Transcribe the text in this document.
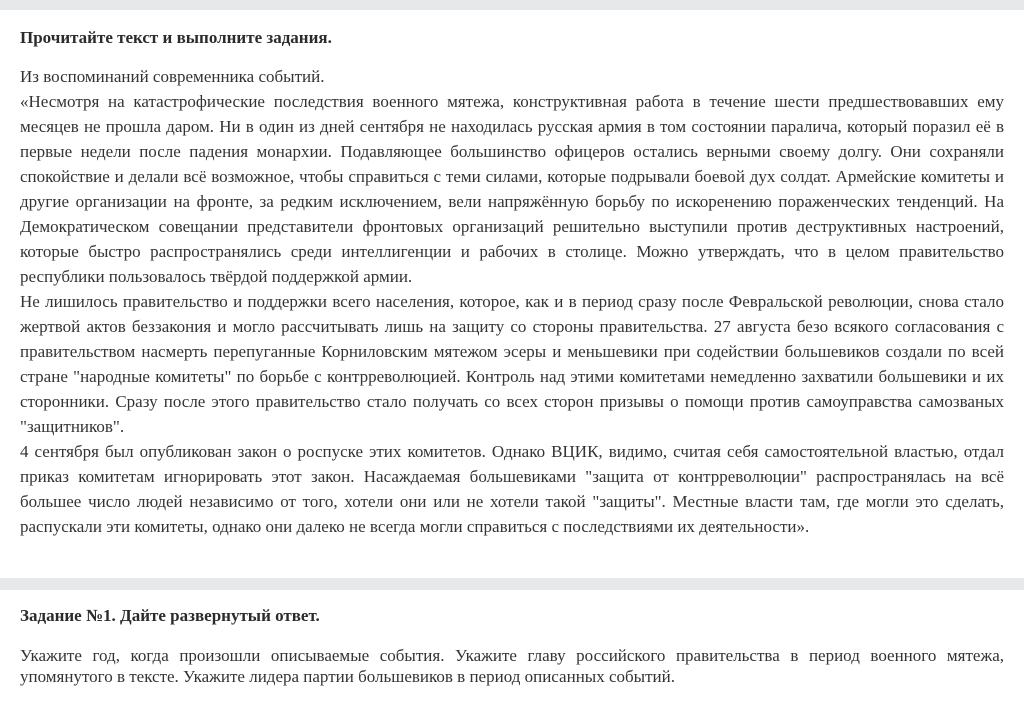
Прочитайте текст и выполните задания.

Из воспоминаний современника событий.

«Несмотря на катастрофические последствия военного мятежа, конструктивная работа в течение шести предшествовавших ему месяцев не прошла даром. Ни в один из дней сентября не находилась русская армия в том состоянии паралича, который поразил её в первые недели после падения монархии. Подавляющее большинство офицеров остались верными своему долгу. Они сохраняли спокойствие и делали всё возможное, чтобы справиться с теми силами, которые подрывали боевой дух солдат. Армейские комитеты и другие организации на фронте, за редким исключением, вели напряжённую борьбу по искоренению пораженческих тенденций. На Демократическом совещании представители фронтовых организаций решительно выступили против деструктивных настроений, которые быстро распространялись среди интеллигенции и рабочих в столице. Можно утверждать, что в целом правительство республики пользовалось твёрдой поддержкой армии.

Не лишилось правительство и поддержки всего населения, которое, как и в период сразу после Февральской революции, снова стало жертвой актов беззакония и могло рассчитывать лишь на защиту со стороны правительства. 27 августа безо всякого согласования с правительством насмерть перепуганные Корниловским мятежом эсеры и меньшевики при содействии большевиков создали по всей стране "народные комитеты" по борьбе с контрреволюцией. Контроль над этими комитетами немедленно захватили большевики и их сторонники. Сразу после этого правительство стало получать со всех сторон призывы о помощи против самоуправства самозваных "защитников".

4 сентября был опубликован закон о роспуске этих комитетов. Однако ВЦИК, видимо, считая себя самостоятельной властью, отдал приказ комитетам игнорировать этот закон. Насаждаемая большевиками "защита от контрреволюции" распространялась на всё большее число людей независимо от того, хотели они или не хотели такой "защиты". Местные власти там, где могли это сделать, распускали эти комитеты, однако они далеко не всегда могли справиться с последствиями их деятельности».

Задание №1. Дайте развернутый ответ.
Укажите год, когда произошли описываемые события. Укажите главу российского правительства в период военного мятежа, упомянутого в тексте. Укажите лидера партии большевиков в период описанных событий.
